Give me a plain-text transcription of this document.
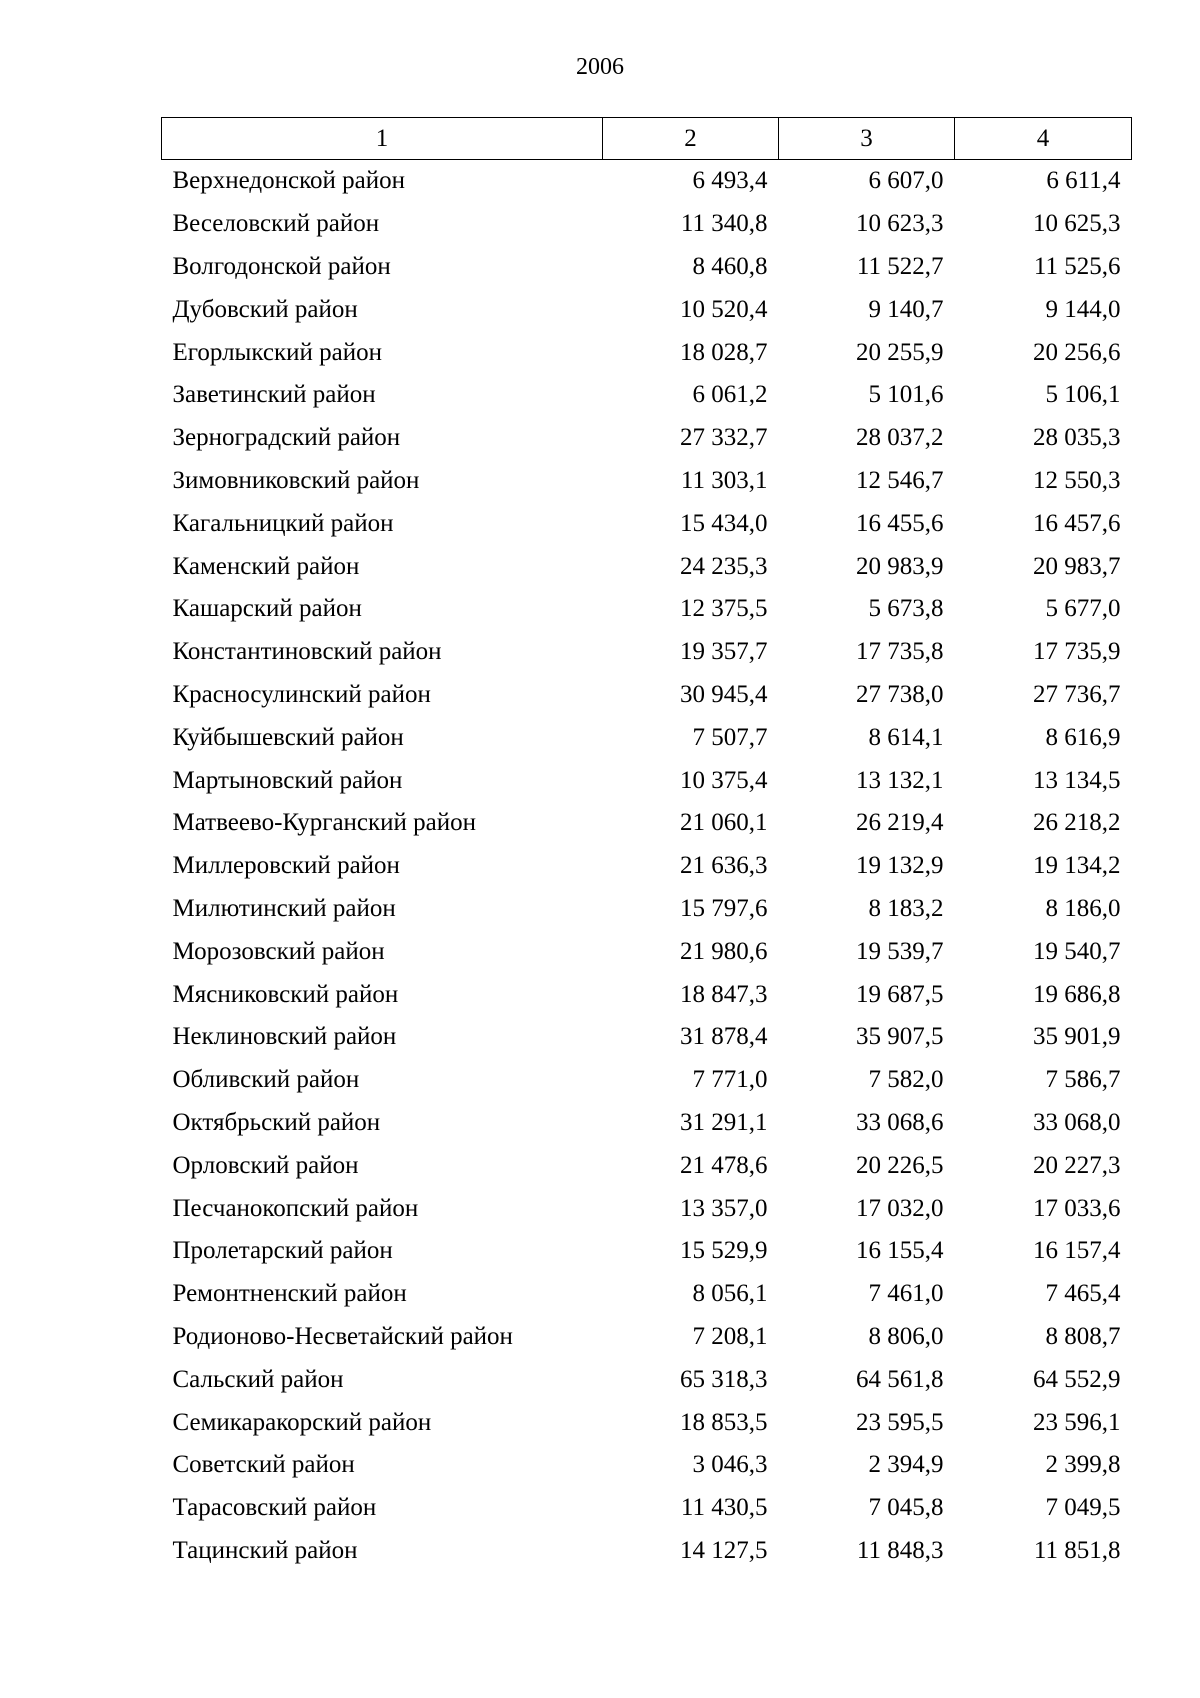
2006
1	2	3	4
Верхнедонской район	6 493,4	6 607,0	6 611,4
Веселовский район	11 340,8	10 623,3	10 625,3
Волгодонской район	8 460,8	11 522,7	11 525,6
Дубовский район	10 520,4	9 140,7	9 144,0
Егорлыкский район	18 028,7	20 255,9	20 256,6
Заветинский район	6 061,2	5 101,6	5 106,1
Зерноградский район	27 332,7	28 037,2	28 035,3
Зимовниковский район	11 303,1	12 546,7	12 550,3
Кагальницкий район	15 434,0	16 455,6	16 457,6
Каменский район	24 235,3	20 983,9	20 983,7
Кашарский район	12 375,5	5 673,8	5 677,0
Константиновский район	19 357,7	17 735,8	17 735,9
Красносулинский район	30 945,4	27 738,0	27 736,7
Куйбышевский район	7 507,7	8 614,1	8 616,9
Мартыновский район	10 375,4	13 132,1	13 134,5
Матвеево-Курганский район	21 060,1	26 219,4	26 218,2
Миллеровский район	21 636,3	19 132,9	19 134,2
Милютинский район	15 797,6	8 183,2	8 186,0
Морозовский район	21 980,6	19 539,7	19 540,7
Мясниковский район	18 847,3	19 687,5	19 686,8
Неклиновский район	31 878,4	35 907,5	35 901,9
Обливский район	7 771,0	7 582,0	7 586,7
Октябрьский район	31 291,1	33 068,6	33 068,0
Орловский район	21 478,6	20 226,5	20 227,3
Песчанокопский район	13 357,0	17 032,0	17 033,6
Пролетарский район	15 529,9	16 155,4	16 157,4
Ремонтненский район	8 056,1	7 461,0	7 465,4
Родионово-Несветайский район	7 208,1	8 806,0	8 808,7
Сальский район	65 318,3	64 561,8	64 552,9
Семикаракорский район	18 853,5	23 595,5	23 596,1
Советский район	3 046,3	2 394,9	2 399,8
Тарасовский район	11 430,5	7 045,8	7 049,5
Тацинский район	14 127,5	11 848,3	11 851,8
